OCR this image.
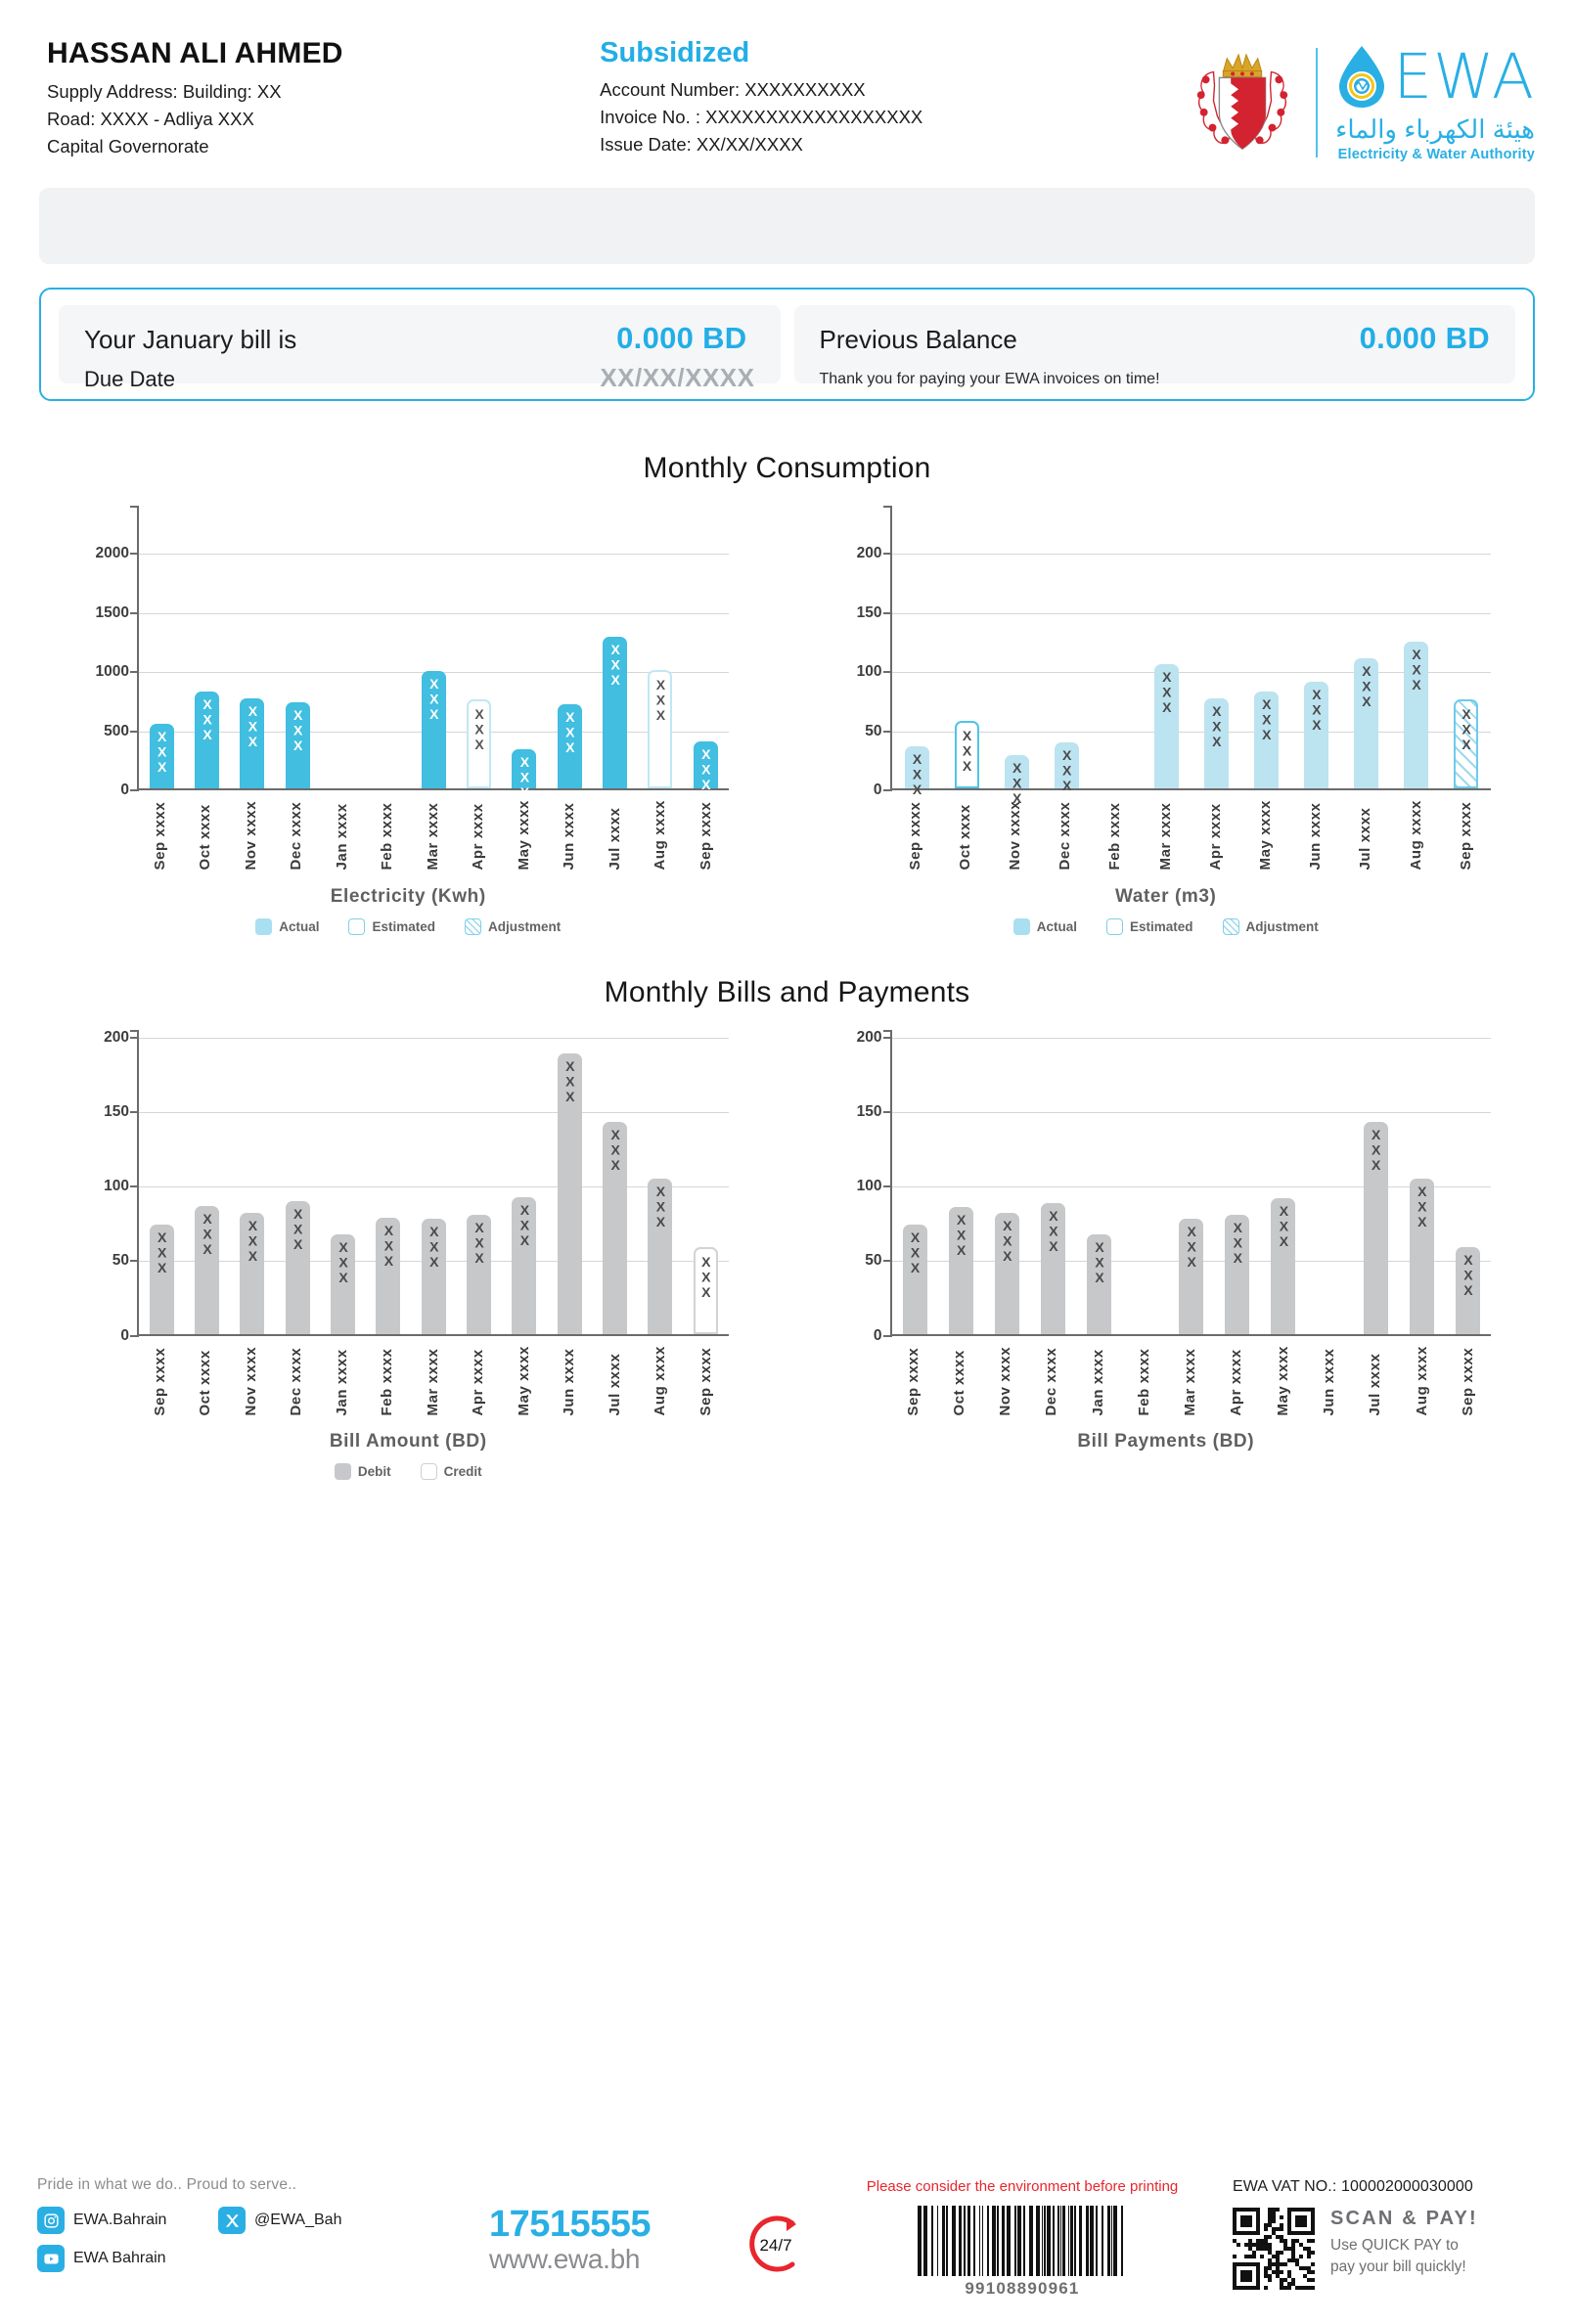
HASSAN ALI AHMED
Supply Address: Building: XX
Road: XXXX - Adliya XXX
Capital Governorate
Subsidized
Account Number: XXXXXXXXXX
Invoice No. : XXXXXXXXXXXXXXXXXX
Issue Date: XX/XX/XXXX
EWA
هيئة الكهرباء والماء
Electricity & Water Authority
Your January bill is	0.000 BD
Due Date	XX/XX/XXXX
Previous Balance	0.000 BD
Thank you for paying your EWA invoices on time!
Monthly Consumption
0
500
1000
1500
2000
XXX
XXX XXX XXX
XXX
XXX
XXX
XXX
XXX
XXX
XXX
Sep xxxx Oct xxxx Nov xxxx Dec xxxx Jan xxxx Feb xxxx Mar xxxx Apr xxxx May xxxx Jun xxxx Jul xxxx Aug xxxx Sep xxxx
Electricity (Kwh)
Actual	Estimated	Adjustment
0
50
100
150
200
XXX
XXX
XXX	XXX
XXX
XXX	XXX	XXX
XXX	XXX
XXX
Sep xxxx Oct xxxx Nov xxxx Dec xxxx Feb xxxx Mar xxxx Apr xxxx May xxxx Jun xxxx Jul xxxx Aug xxxx Sep xxxx
Water (m3)
Actual	Estimated	Adjustment
Monthly Bills and Payments
0
50
100
150
200
XXX XXX XXX XXX
XXX XXX XXX XXX XXX
XXX
XXX
XXX
XXX
Sep xxxx Oct xxxx Nov xxxx Dec xxxx Jan xxxx Feb xxxx Mar xxxx Apr xxxx May xxxx Jun xxxx Jul xxxx Aug xxxx Sep xxxx
Bill Amount (BD)
Debit	Credit
0
50
100
150
200
XXX XXX XXX XXX
XXX	XXX XXX XXX
XXX
XXX
XXX
Sep xxxx Oct xxxx Nov xxxx Dec xxxx Jan xxxx Feb xxxx Mar xxxx Apr xxxx May xxxx Jun xxxx Jul xxxx Aug xxxx Sep xxxx
Bill Payments (BD)
Pride in what we do.. Proud to serve..
EWA.Bahrain	@EWA_Bah
EWA Bahrain
17515555
www.ewa.bh	24/7
Please consider the environment before printing
99108890961
EWA VAT NO.: 100002000030000
SCAN & PAY!
Use QUICK PAY to
pay your bill quickly!
